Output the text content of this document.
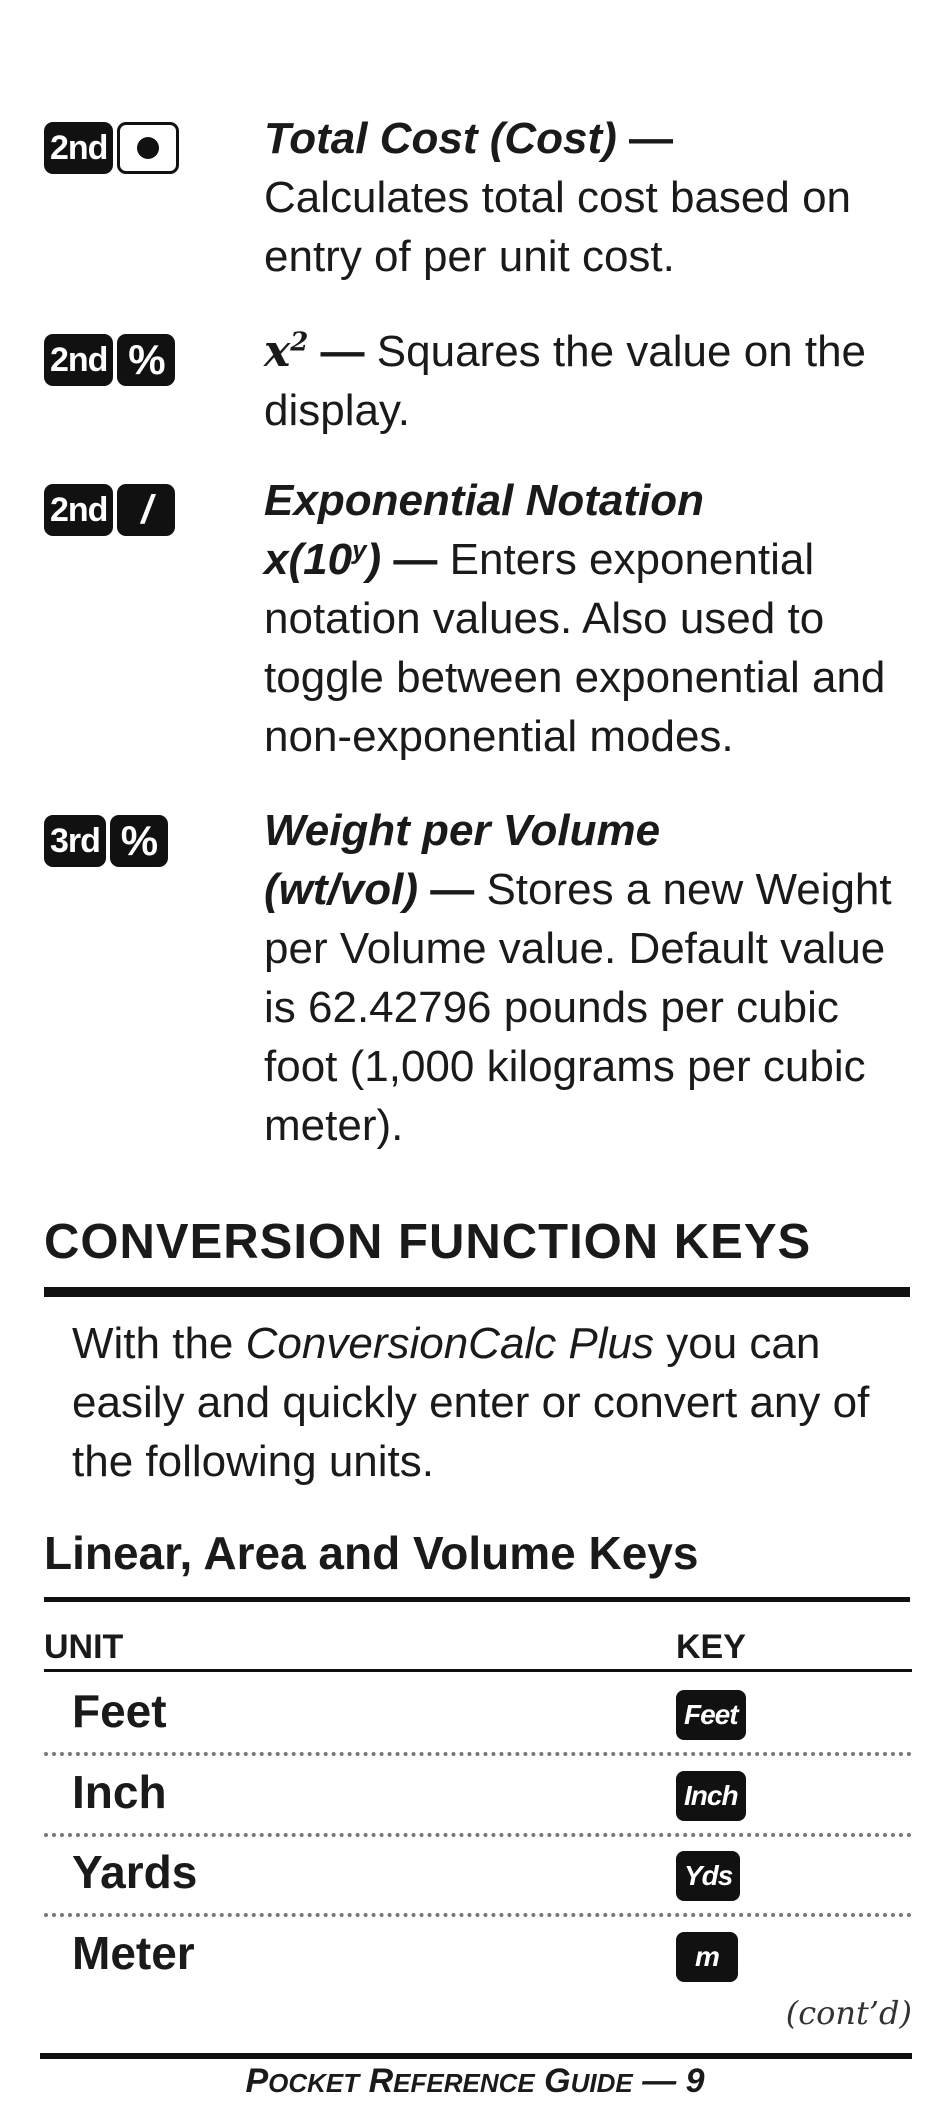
2nd	Total Cost (Cost) —
Calculates total cost based on entry of per unit cost.
2nd % $x^2$ — Squares the value on the display.
2nd /	Exponential Notation
x(10$^y$) — Enters exponential notation values. Also used to toggle between exponential and non-exponential modes.
3rd % Weight per Volume
(wt/vol) — Stores a new Weight per Volume value. Default value is 62.42796 pounds per cubic foot (1,000 kilograms per cubic meter).
CONVERSION FUNCTION KEYS
With the ConversionCalc Plus you can easily and quickly enter or convert any of the following units.
Linear, Area and Volume Keys
UNIT	KEY
Feet	Feet
Inch	Inch
Yards	Yds
Meter	m
(cont’d)
POCKET REFERENCE GUIDE — 9
